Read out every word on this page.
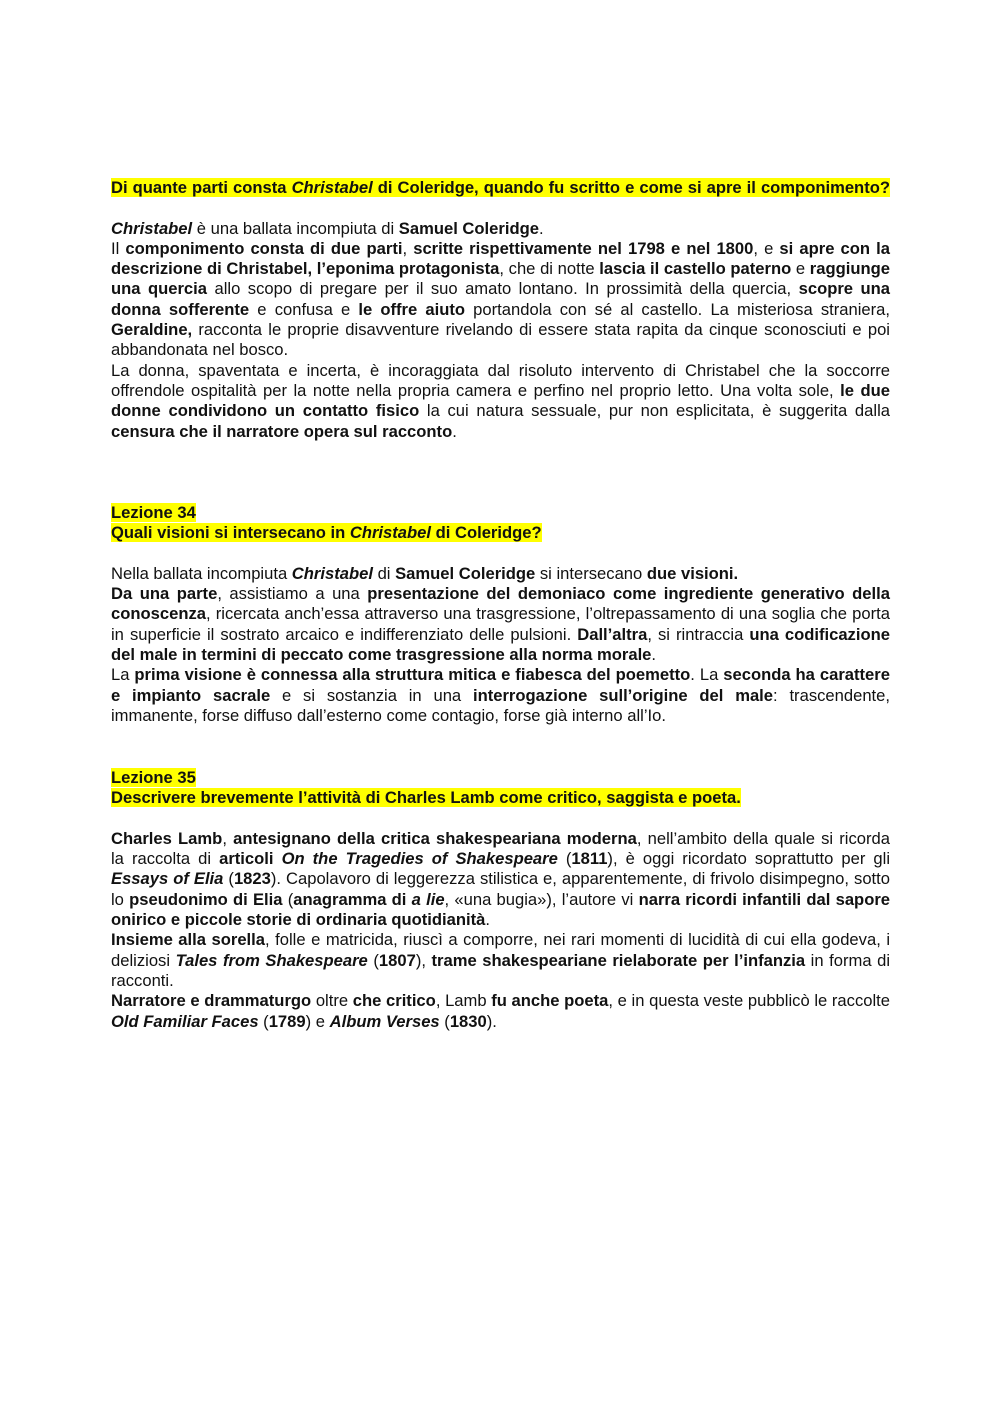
Di quante parti consta Christabel di Coleridge, quando fu scritto e come si apre il componimento?

Christabel è una ballata incompiuta di Samuel Coleridge.

Il componimento consta di due parti, scritte rispettivamente nel 1798 e nel 1800, e si apre con la descrizione di Christabel, l’eponima protagonista, che di notte lascia il castello paterno e raggiunge una quercia allo scopo di pregare per il suo amato lontano. In prossimità della quercia, scopre una donna sofferente e confusa e le offre aiuto portandola con sé al castello. La misteriosa straniera, Geraldine, racconta le proprie disavventure rivelando di essere stata rapita da cinque sconosciuti e poi abbandonata nel bosco.

La donna, spaventata e incerta, è incoraggiata dal risoluto intervento di Christabel che la soccorre offrendole ospitalità per la notte nella propria camera e perfino nel proprio letto. Una volta sole, le due donne condividono un contatto fisico la cui natura sessuale, pur non esplicitata, è suggerita dalla censura che il narratore opera sul racconto.

Lezione 34

Quali visioni si intersecano in Christabel di Coleridge?

Nella ballata incompiuta Christabel di Samuel Coleridge si intersecano due visioni.

Da una parte, assistiamo a una presentazione del demoniaco come ingrediente generativo della conoscenza, ricercata anch’essa attraverso una trasgressione, l’oltrepassamento di una soglia che porta in superficie il sostrato arcaico e indifferenziato delle pulsioni. Dall’altra, si rintraccia una codificazione del male in termini di peccato come trasgressione alla norma morale.

La prima visione è connessa alla struttura mitica e fiabesca del poemetto. La seconda ha carattere e impianto sacrale e si sostanzia in una interrogazione sull’origine del male: trascendente, immanente, forse diffuso dall’esterno come contagio, forse già interno all’Io.

Lezione 35

Descrivere brevemente l’attività di Charles Lamb come critico, saggista e poeta.

Charles Lamb, antesignano della critica shakespeariana moderna, nell’ambito della quale si ricorda la raccolta di articoli On the Tragedies of Shakespeare (1811), è oggi ricordato soprattutto per gli Essays of Elia (1823). Capolavoro di leggerezza stilistica e, apparentemente, di frivolo disimpegno, sotto lo pseudonimo di Elia (anagramma di a lie, «una bugia»), l’autore vi narra ricordi infantili dal sapore onirico e piccole storie di ordinaria quotidianità.

Insieme alla sorella, folle e matricida, riuscì a comporre, nei rari momenti di lucidità di cui ella godeva, i deliziosi Tales from Shakespeare (1807), trame shakespeariane rielaborate per l’infanzia in forma di racconti.

Narratore e drammaturgo oltre che critico, Lamb fu anche poeta, e in questa veste pubblicò le raccolte Old Familiar Faces (1789) e Album Verses (1830).
